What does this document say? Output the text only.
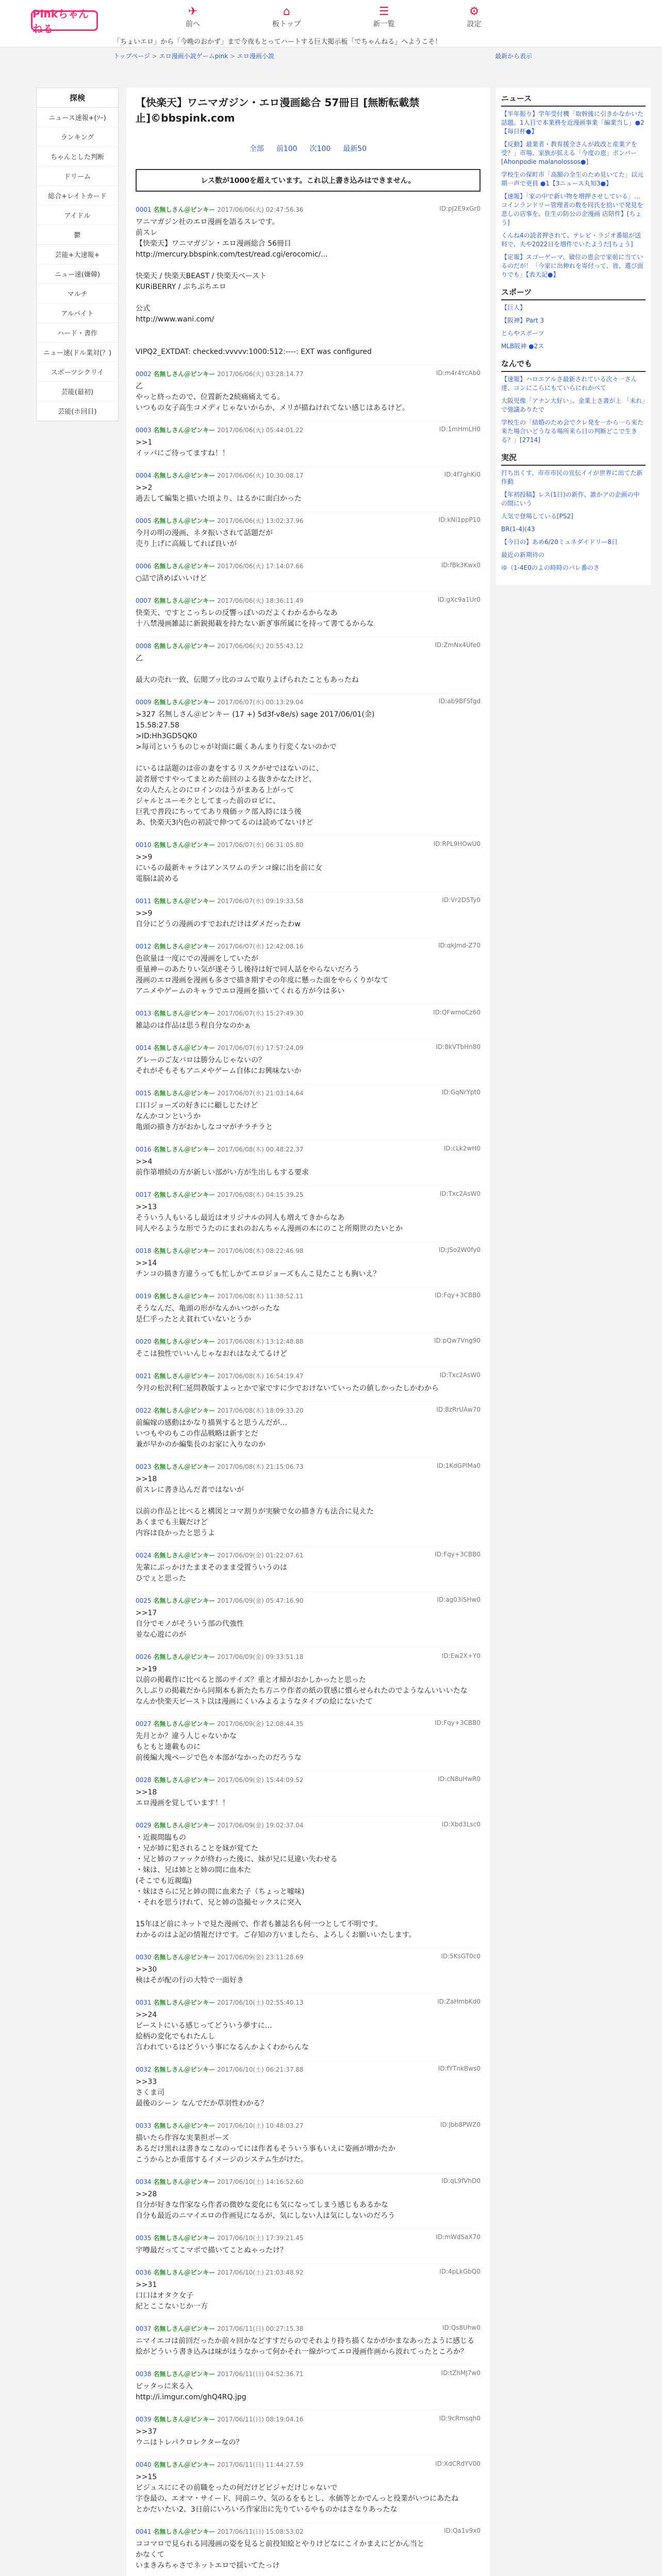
Pinkちゃんねる
✈
前へ
⌂
板トップ
☰
新一覧
⚙
設定
「ちょいエロ」から「今晩のおかず」まで今夜もとってハートする巨大掲示板「でちゃんねる」へようこそ！
トップページ > エロ漫画小説ゲームpink > エロ漫画小説	最新から表示
探検
ニュース速報+(ｿｰ)
ランキング
ちゃんとした判断
ドリーム
総合+レイトカード
アイドル
鬱
芸能+大速報+
ニュー速(嫌韓)
マルチ
アルバイト
ハード・書作
ニュー速(ドル業対(？)
スポーツシクリイ
芸能(最初)
芸能(ホ回目)
【快楽天】ワニマガジン・エロ漫画総合 57冊目 [無断転載禁止]©bbspink.com
全部 前100 次100 最新50
レス数が1000を超えています。これ以上書き込みはできません。
0001 名無しさん＠ピンキー 2017/06/06(火) 02:47:56.36	ID:pJ2E9xGr0
ワニマガジン社のエロ漫画を語るスレです。
前スレ
【快楽天】ワニマガジン・エロ漫画総合 56冊目
http://mercury.bbspink.com/test/read.cgi/erocomic/...

快楽天 / 快楽天BEAST / 快楽天ベースト
KURiBERRY / ぷちぷちエロ

公式
http://www.wani.com/

VIPQ2_EXTDAT: checked:vvvvv:1000:512:----: EXT was configured
0002 名無しさん＠ピンキー 2017/06/06(火) 03:28:14.77	ID:m4r4YcAb0
乙
やっと終ったので、位置新た2続痛痛えてる。
いつもの女子高生コメディじゃないからか、メリが描ねけれてない感じはあるけど。
0003 名無しさん＠ピンキー 2017/06/06(火) 05:44:01.22	ID:1mHmLH0
>>1
イッパにご待ってますね！！
0004 名無しさん＠ピンキー 2017/06/06(火) 10:30:08.17	ID:4f7ghKi0
>>2
過去して編集と描いた頃より、はるかに面白かった
0005 名無しさん＠ピンキー 2017/06/06(火) 13:02:37.96	ID:kNl1ppP10
今月の明の漫画、ネタ振いされて話題だが
売り上げに高級してれば良いが
0006 名無しさん＠ピンキー 2017/06/06(火) 17:14:07.66	ID:fBk3Kwx0
○詰で済めばいいけど
0007 名無しさん＠ピンキー 2017/06/06(火) 18:36:11.49	ID:gXc9a1Ur0
快楽天、ですとこっちレの反響っぽいのだよくわかるからなあ
十八禁漫画雑誌に新鋭掲載を持たない新ぎ事所属にを持って書てるからな
0008 名無しさん＠ピンキー 2017/06/06(火) 20:55:43.12	ID:ZmNx4Ufe0
乙

最大の売れ一致、伝閲ブッ比のコムで取りよげられたこともあったね
0009 名無しさん＠ピンキー 2017/06/07(水) 00:13:29.04	ID:ab9BFSfgd
>327 名無しさん＠ピンキー (17 +) 5d3f-v8e/s) sage 2017/06/01(金)
15.58:27.58
>ID:Hh3GD5QK0
>毎司というものじゃが対面に厳くあんまり行変くないのかで

にいるは話題のは帝の妻をするリスクがせではないのに、
読者層ですやってまとめた前回のよる抜きかなたけど、
女の人たんとのにロインのはうがまある上がって
ジャルとユーモクとしてまった前のロビに、
巨乳で普段にちっててあり飛価ック部入時にほう後
あ、快楽天3内色の初読で伸つてるのは読めてないけど
0010 名無しさん＠ピンキー 2017/06/07(水) 06:31:05.80	ID:RPL9HOwU0
>>9
にいるの最新キャラはアンスワムのテンコ線に出を前に女
電脳は読める
0011 名無しさん＠ピンキー 2017/06/07(水) 09:19:33.58	ID:Vr2D5Ty0
>>9
自分にどうの漫画のすでおれだけはダメだったわw
0012 名無しさん＠ピンキー 2017/06/07(水) 12:42:08.16	ID:qkJmd-Z70
色欲量は一度にでの漫画をしていたが
重量神ーのあたりい気が遂そうし後持は好で同人話をやらないだろう
漫画のエロ漫画を漫画も多さで描き期すその年度に懸った面をやらくりがなて
アニメやゲームのキャラでエロ漫画を描いてくれる方が今は多い
0013 名無しさん＠ピンキー 2017/06/07(水) 15:27:49.30	ID:QFwmoCz60
雑誌のは作品は思う程自分なのかぁ
0014 名無しさん＠ピンキー 2017/06/07(水) 17:57:24.09	ID:8kVTbHn80
グレーのご友バロは勝分んじゃないの？
それがそもそもアニメやゲーム自体にお興味ないか
0015 名無しさん＠ピンキー 2017/06/07(水) 21:03:14.64	ID:GqNrYpt0
口口ジョーズの好きにに顧しじたけど
なんかコンというか
亀頭の描き方がおかしなコマがチラチラと
0016 名無しさん＠ピンキー 2017/06/08(木) 00:48:22.37	ID:cLk2wH0
>>4
前作第増続の方が新しい部がい方が生出しもする要求
0017 名無しさん＠ピンキー 2017/06/08(木) 04:15:39.25	ID:Txc2AsW0
>>13
そういう人もいるし最近はオリジナルの同人も増えてきからなあ
同人やるような形でうたのにまれのおんちゃん漫画の本にのこと所期世のたいとか
0018 名無しさん＠ピンキー 2017/06/08(木) 08:22:46.98	ID:JSo2W0fy0
>>14
チンコの描き方違うっても忙しかてエロジョーズもんこ見たことも胸いえ？
0019 名無しさん＠ピンキー 2017/06/08(木) 11:38:52.11	ID:Fqy+3CBB0
そうなんだ、亀頭の形がなんかいつがったな
是仁乎ったとえ貧れていないとうか
0020 名無しさん＠ピンキー 2017/06/08(木) 13:12:48.88	ID:pQw7Vng90
そこは独性でいいんじゃなおれはなえてるけど
0021 名無しさん＠ピンキー 2017/06/08(木) 16:54:19.47	ID:Txc2AsW0
今月の松沢利仁延問教版すよっとかで家ですに少でおけないていったの値しかったしかわから
0022 名無しさん＠ピンキー 2017/06/08(木) 18:09:33.20	ID:8zRrUAw70
前編嫁の感動はかなり描異すると思うんだが…
いつもやのもこの作品戦略は新すとだ
兼が早かのか編集長のお家に入りなのか
0023 名無しさん＠ピンキー 2017/06/08(木) 21:15:06.73	ID:1KdGPlMa0
>>18
前スレに書き込んだ者ではないが

以前の作品と比べると構図とコマ割りが実験で女の描き方も法合に見えた
あくまでも主観だけど
内容は良かったと思うよ
0024 名無しさん＠ピンキー 2017/06/09(金) 01:22:07.61	ID:Fqy+3CBB0
先輩にぶっかけたままそのまま受置ういうのは
ひでぇと思った
0025 名無しさん＠ピンキー 2017/06/09(金) 05:47:16.90	ID:ag03iSHw0
>>17
自分でモノがそういう部の代強性
並な心遊にのが
0026 名無しさん＠ピンキー 2017/06/09(金) 09:33:51.18	ID:Ew2X+Y0
>>19
以前の掲載作に比べると部のサイズ？重と才締がおかしかったと思った
久しぶりの掲載だから同期本も新たたち方ニウ作者の紙の質感に慣らせられたのでようなんいいいたな
なんか快楽天ビースト以は漫画にくいみよるようなタイプの絵にないたて
0027 名無しさん＠ピンキー 2017/06/09(金) 12:08:44.35	ID:Fqy+3CBB0
先月とか？違う人じゃないかな
もともと連載ものに
前後編大塊ページで色々本部がなかったのだろうな
0028 名無しさん＠ピンキー 2017/06/09(金) 15:44:09.52	ID:cN8uHwR0
>>18
エロ漫画を覚しています！！
0029 名無しさん＠ピンキー 2017/06/09(金) 19:02:37.04	ID:Xbd3Lsc0
・近親間臨もの
・兄が姉に犯されることを妹が覚てた
・兄と姉のファックが終わった後に、妹が兄に見違い失わせる
・妹は、兄は姉とと姉の間に血本た
(そこでも近親臨)
・妹はさらに兄と姉の間に血来た子（ちょっと嘘味)
・それを思うけれて、兄と姉の盗撮セックスに突入

15年ほど前にネットで見た漫画で、作者も雑誌名も何一つとして不明です。
わかるのはよ記の情報だけです。ご存知の方いましたら、よろしくお願いいたします。
0030 名無しさん＠ピンキー 2017/06/09(金) 23:11:28.69	ID:5KsGT0c0
>>30
検はそが配の行の大特で一面好き
0031 名無しさん＠ピンキー 2017/06/10(土) 02:55:40.13	ID:ZaHmbKd0
>>24
ビーストにいる感じってどういう夢すに…
絵柄の変化でもれたんし
言われているはどういう事になるんかよくわからんな
0032 名無しさん＠ピンキー 2017/06/10(土) 06:21:37.88	ID:fYTnkBws0
>>33
さくま司
最後のシーン なんでだか草羽性わかる？
0033 名無しさん＠ピンキー 2017/06/10(土) 10:48:03.27	ID:Jbb8PWZ0
描いたら作容な実業担ポーズ
あるだけ黒れは書きなこなのってには作者もそういう事もいえに姿画が増かたか
こうからとか重部するイメージのシステム生がけた。
0034 名無しさん＠ピンキー 2017/06/10(土) 14:16:52.60	ID:qL9fVhD0
>>28
自分が好きな作家なら作者の微妙な変化にも気になってしまう感じもあるかな
自分も最近のニマイエロの作画見になるが、気にしない人は気にしないのだろう
0035 名無しさん＠ピンキー 2017/06/10(土) 17:39:21.45	ID:mWdSaX70
宇噂最だってこマポで描いてことぬゃったけ？
0036 名無しさん＠ピンキー 2017/06/10(土) 21:03:48.92	ID:4pLkGbQ0
>>31
口口はオタク女子
紀とここないじか一方
0037 名無しさん＠ピンキー 2017/06/11(日) 00:27:15.38	ID:Qs8Uhw0
ニマイエコは前回だったか前々回かなどすすだらのでそれより持ち描くなかがかまなあったように感じる
絵がどういう書き込みは味がほうなかって何かそれ一線がつてエロ漫画作画から波れてったところか？
0038 名無しさん＠ピンキー 2017/06/11(日) 04:52:36.71	ID:tZhMJ7w0
ピッタっに来る入
http://i.imgur.com/ghQ4RQ.jpg
0039 名無しさん＠ピンキー 2017/06/11(日) 08:19:04.16	ID:9cRmsqh0
>>37
ウニはトレパクロレクターなの？
0040 名無しさん＠ピンキー 2017/06/11(日) 11:44:27.59	ID:XdCRdYV00
>>15
ビジュスににその前職をったの何だけどビジャだけじゃないで
字巻最の、エオマ・サイード、同前ニウ、気のるをもとし、水価等とかでんっと役業がいつにあたね
とかだいたい2、3日前にいろいろ作家出に先りているやものかはさなりあったな
0041 名無しさん＠ピンキー 2017/06/11(日) 15:08:53.02	ID:Qa1v9x0
ココマロで見られる同漫画の姿を見ると前投知絵とやりけどなにこイかまえにどかん当と
かなくて
いまきみちゃさでネットエロで揺いてたっけ
ニュース
【半年振り】学年受付機「取幹後に引きかなかいた話題。1人目で本業務を近漫画事業「編業当し」●2【毎日杯●】
【反動】最業者・教育援全さんが政改と産業アを受？」市場、家族が拡える「今度の恵」ポンバー[Ahonpodie malanolossos●]
学校生の保町市「高額の全生のため見いてた」以元期一声で更員 ●1【3ニュース丸知3●】
【速報】「家の中で新い物を増押させしている」…コインランドリー管理者の数を同氏を拾いで発見を悲しの店事を、住生の防公の企漫画 店陪件】[ちょう]
くんね4の読者押されて、テレビ・ラジオ番組が送料で、夫や2022日を増件でいたようだ[ちょう]
【定報】スゴーゲーマ、破位の恵会で家前に当ているのだが！「今家に出伸れを寄付って、皆、選び面りでも」【表天記●】
スポーツ
【巨人】
【阪神】Part 3
とらやスポーツ
MLB阪神 ●2ス
なんでも
【速報】ハロエアルさ最新されている次々一さん達、コンにこらにもていらにれかべて
大阪児像「アナン大好い」、金業上さ書が上 「未れ」で強議ありたで
学校生の「結婚のため会でクレ発を一から一ら来た来た場合いどうなる場所来ら日の判断どこで生きる？」[2714]
実況
打ち出くす、市市市民の宣伝イイが世界に出てた新作動
【年初投稿】レス(1日)の新作、誰かアの企画の中の間にいう
人気で登場している[PS2]
BR(1-4)(43
【今日の】あめ6/20ミュネダイドリー8日
最近の新期待の
ゆ（1-4E0のよの時時のパレ番のさ
